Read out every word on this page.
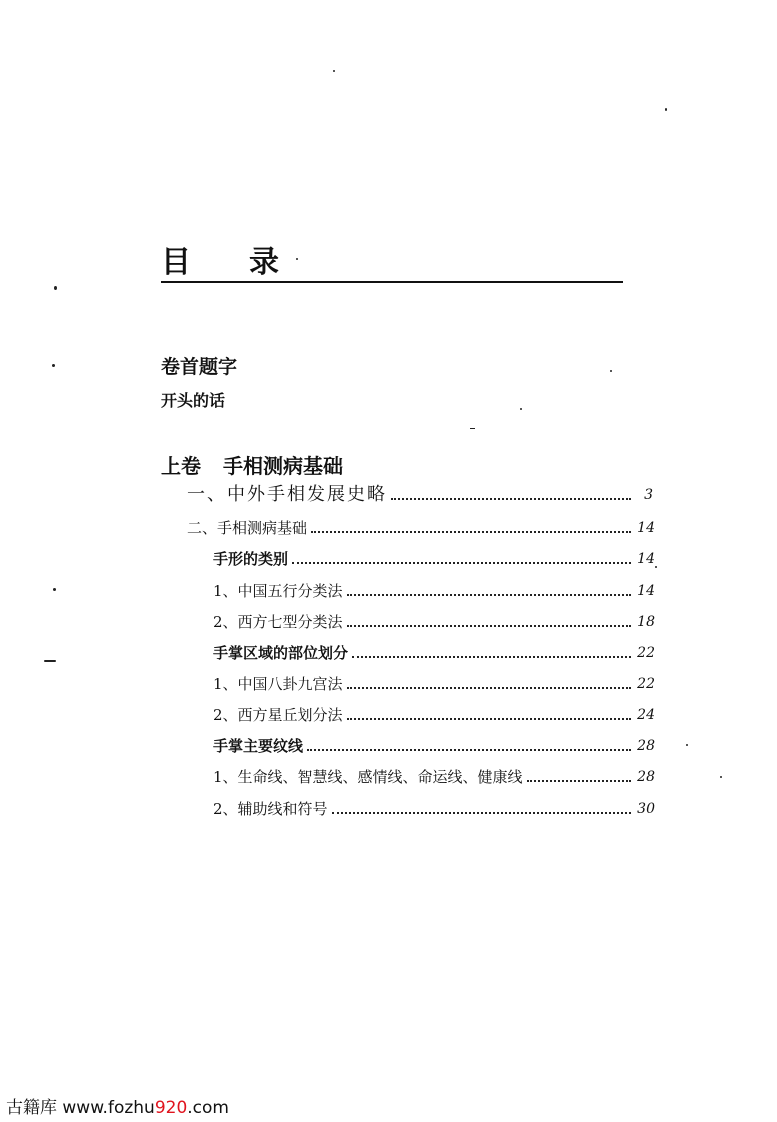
目 录
卷首题字
开头的话
上卷 手相测病基础
一、中外手相发展史略	3
二、手相测病基础	14
手形的类别	14
1、中国五行分类法	14
2、西方七型分类法	18
手掌区域的部位划分	22
1、中国八卦九宫法	22
2、西方星丘划分法	24
手掌主要纹线	28
1、生命线、智慧线、感情线、命运线、健康线	28
2、辅助线和符号	30
古籍库 www.fozhu920.com
